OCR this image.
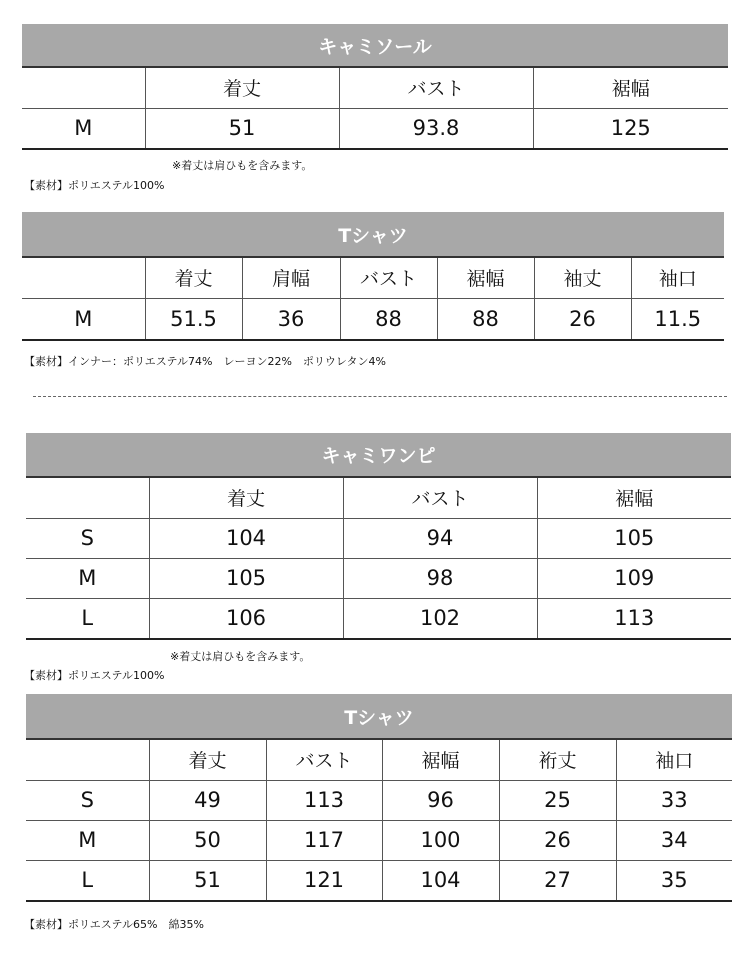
キャミソール
	着丈	バスト	裾幅
M	51	93.8	125
※着丈は肩ひもを含みます。
【素材】ポリエステル100%
Tシャツ
	着丈	肩幅	バスト	裾幅	袖丈	袖口
M	51.5	36	88	88	26	11.5
【素材】インナー：ポリエステル74%　レーヨン22%　ポリウレタン4%
キャミワンピ
	着丈	バスト	裾幅
S	104	94	105
M	105	98	109
L	106	102	113
※着丈は肩ひもを含みます。
【素材】ポリエステル100%
Tシャツ
	着丈	バスト	裾幅	裄丈	袖口
S	49	113	96	25	33
M	50	117	100	26	34
L	51	121	104	27	35
【素材】ポリエステル65%　綿35%
